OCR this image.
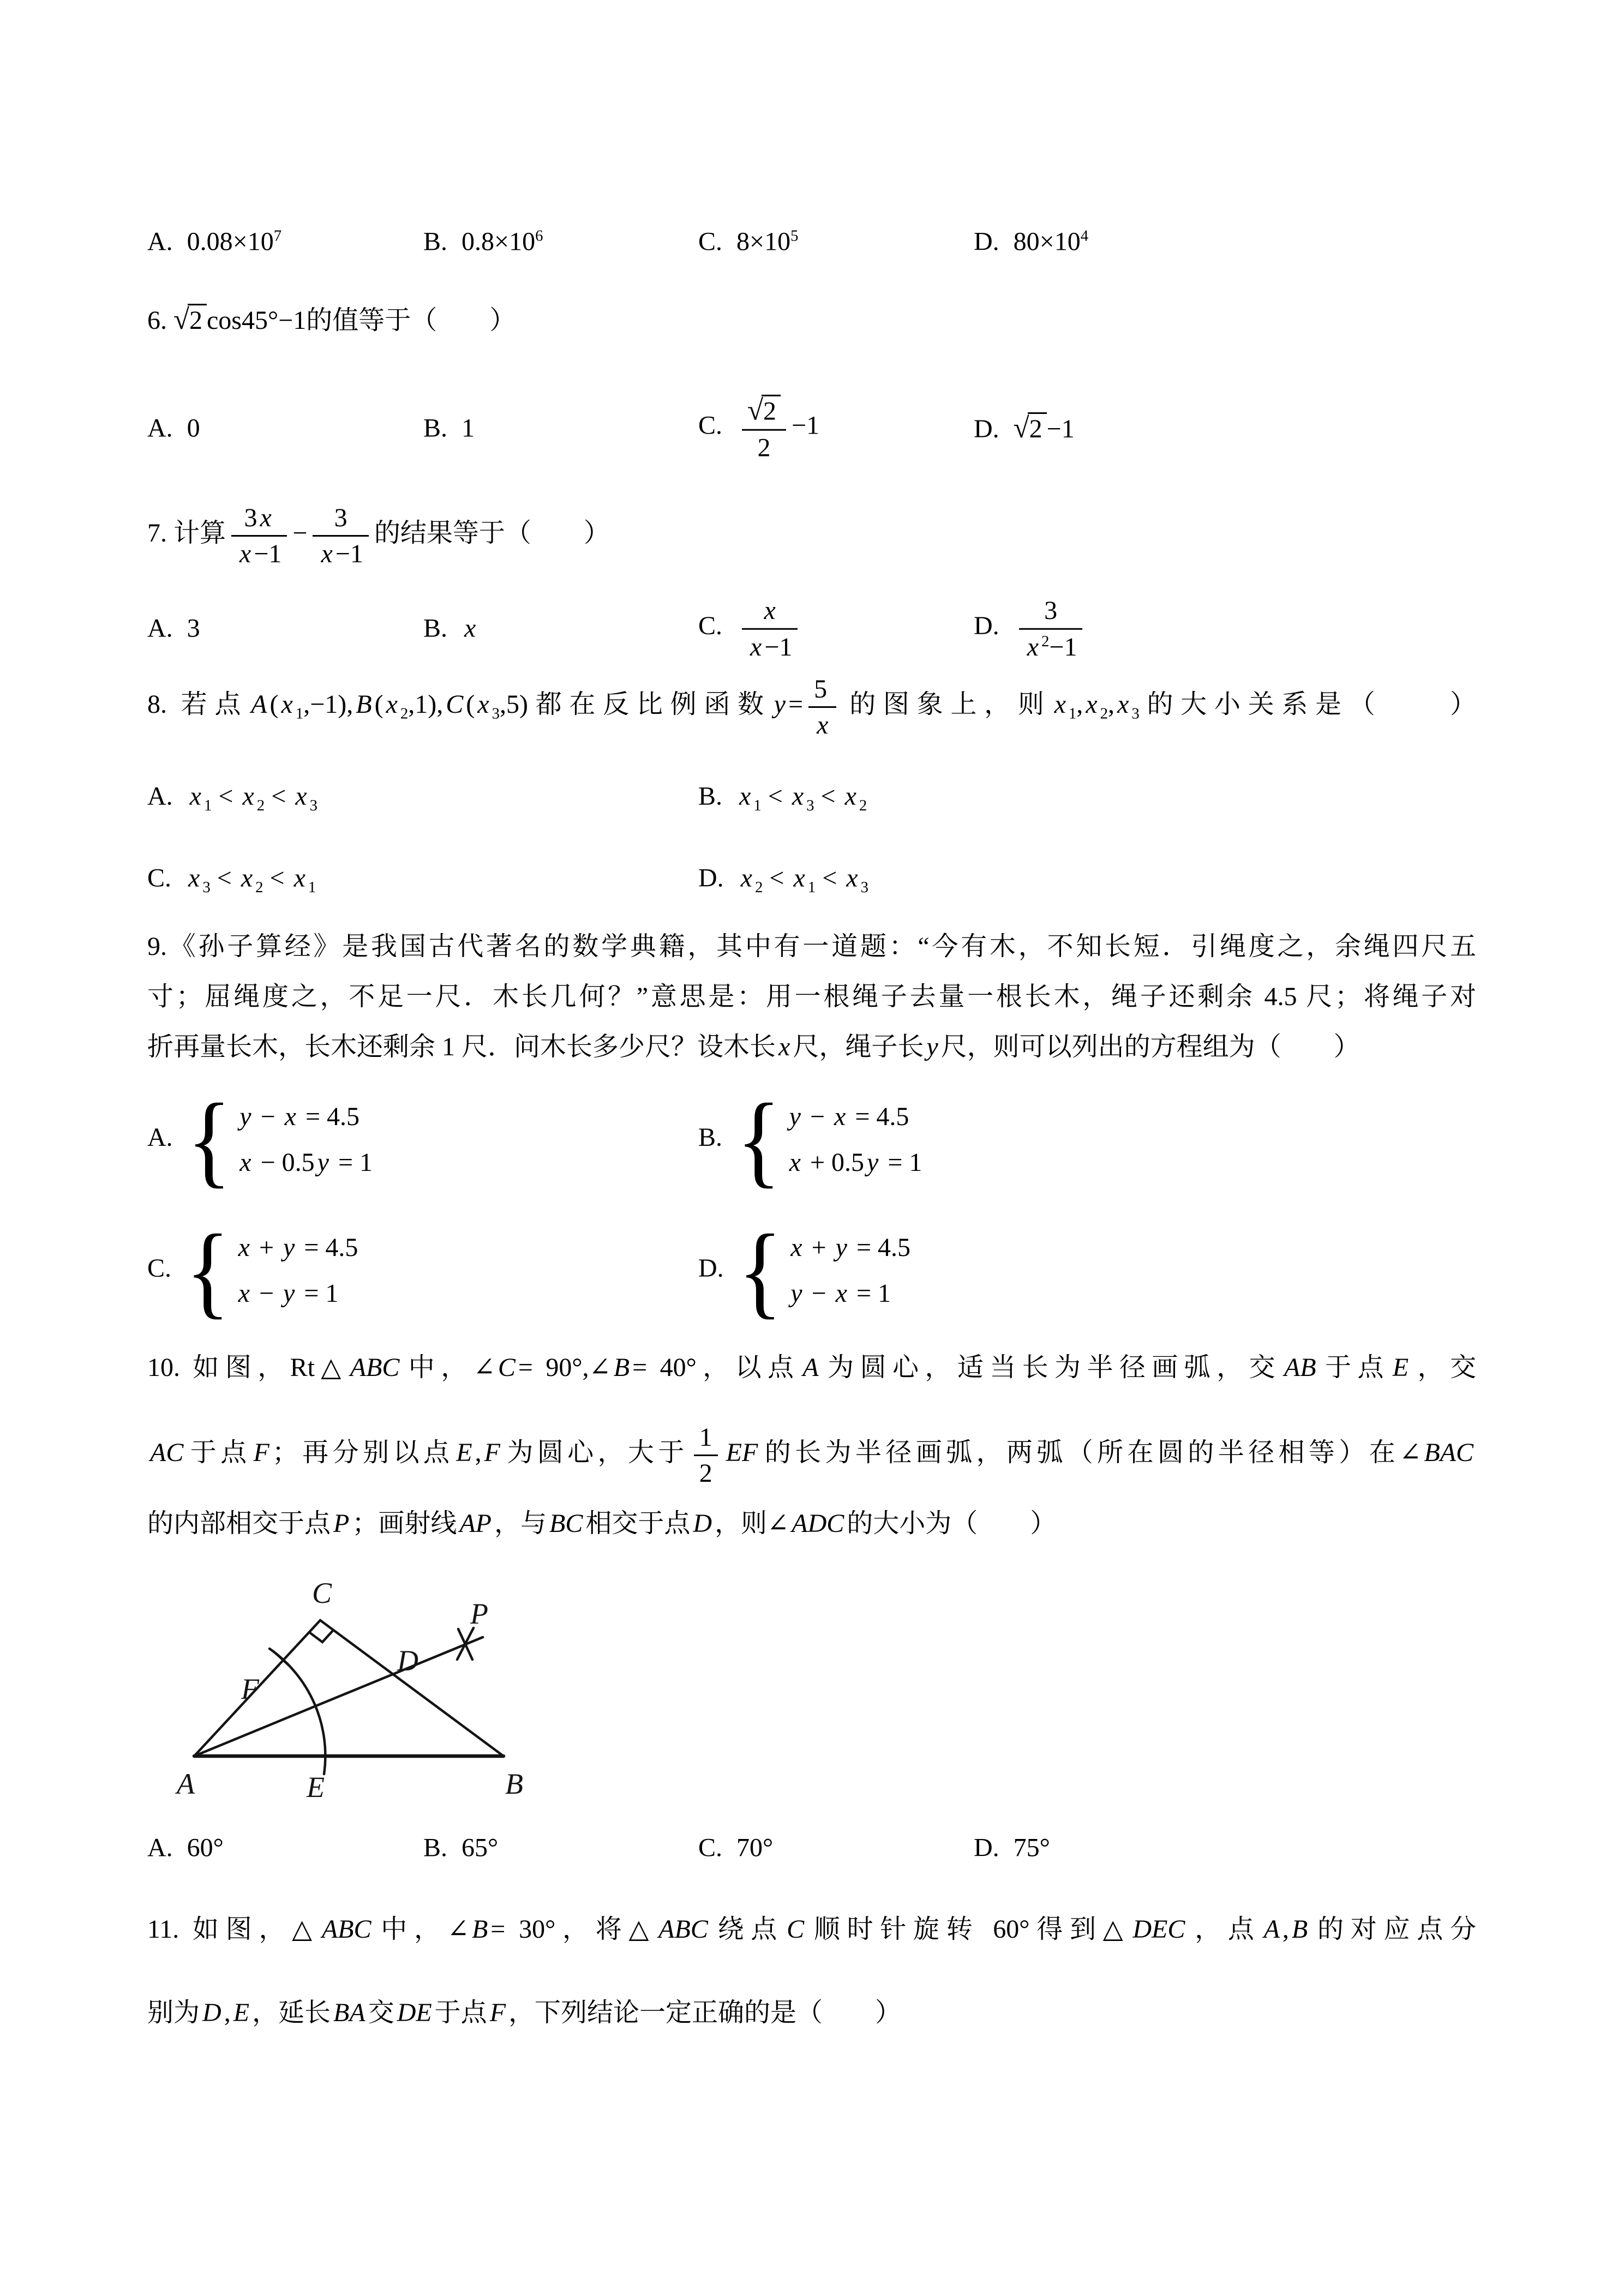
A. $0.08\times 10^7$	B. $0.8\times 10^6$	C. $8\times 10^5$	D. $80\times 10^4$
6. √2 cos45°−1的值等于（　　）
A. 0	B. 1	C. $\frac{√2}{2} -1$	D. √2 −1
7. 计算 $\frac{3 x}{x -1} - \frac{3}{x -1}$ 的结果等于（　　）
A. 3	B. x	C. $\frac{x}{x -1}$	D. $\frac{3}{x ^2-1}$
8. 若点 A ( x $_1$,−1), B ( x $_2$,1), C ( x $_3$,5)都在反比例函数 $y = \frac{5}{x}$ 的图象上，则 x $_1$, x $_2$, x $_3$的大小关系是（　　）
A. x $_1$ < x $_2$ < x $_3$	B. x $_1$ < x $_3$ < x $_2$
C. x $_3$ < x $_2$ < x $_1$	D. x $_2$ < x $_1$ < x $_3$
9.《孙子算经》是我国古代著名的数学典籍，其中有一道题：“今有木，不知长短．引绳度之，余绳四尺五
寸；屈绳度之，不足一尺．木长几何？”意思是：用一根绳子去量一根长木，绳子还剩余 4.5 尺；将绳子对
折再量长木，长木还剩余 1 尺．问木长多少尺？设木长 x 尺，绳子长 y 尺，则可以列出的方程组为（　　）
A. { y − x = 4.5
x − 0.5 y = 1
B. { y − x = 4.5
x + 0.5 y = 1
C. { x + y = 4.5
x − y = 1
D. { x + y = 4.5
y − x = 1
10. 如图，Rt△ ABC 中，∠ C = 90°,∠ B = 40°，以点 A 为圆心，适当长为半径画弧，交 AB 于点 E ，交
AC 于点 F ；再分别以点 E , F 为圆心，大于 $\frac{1}{2}$ EF 的长为半径画弧，两弧（所在圆的半径相等）在∠ BAC
的内部相交于点 P ；画射线 AP ，与 BC 相交于点 D ，则∠ ADC 的大小为（　　）
A	B
C
D
E
F
P
A. 60°	B. 65°	C. 70°	D. 75°
11. 如图，△ ABC 中，∠ B = 30°，将△ ABC 绕点 C 顺时针旋转 60°得到△ DEC ，点 A , B 的对应点分
别为 D , E ，延长 BA 交 DE 于点 F ，下列结论一定正确的是（　　）
